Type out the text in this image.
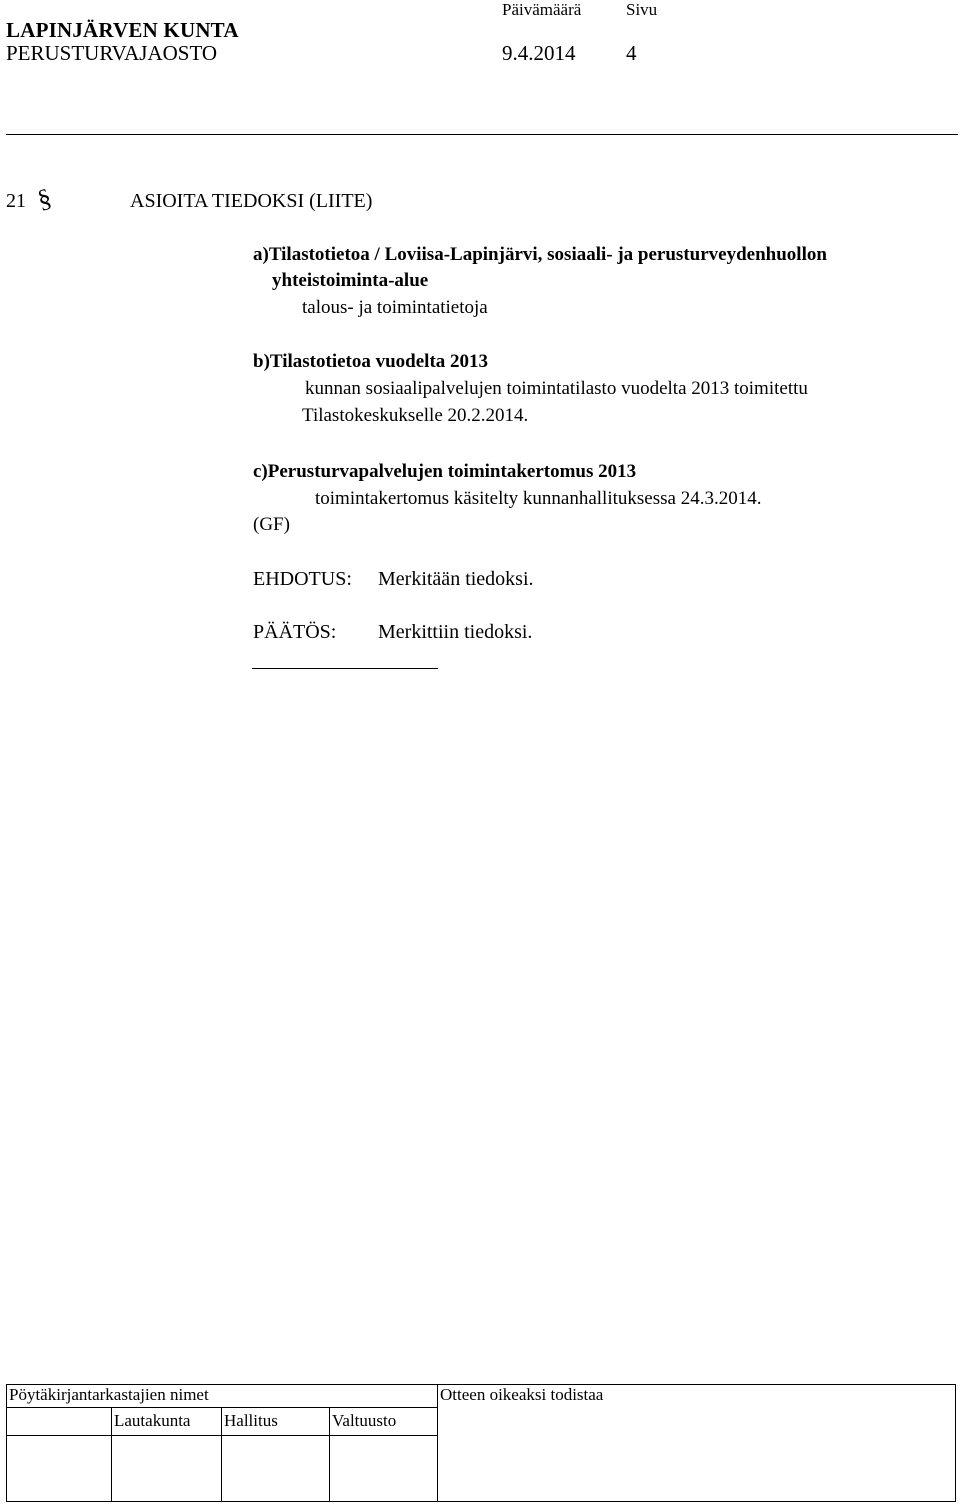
LAPINJÄRVEN KUNTA
PERUSTURVAJAOSTO
Päivämäärä
9.4.2014
Sivu
4
21 §	ASIOITA TIEDOKSI (LIITE)
a)Tilastotietoa / Loviisa-Lapinjärvi, sosiaali- ja perusturveydenhuollon
yhteistoiminta-alue
talous- ja toimintatietoja
b)Tilastotietoa vuodelta 2013
kunnan sosiaalipalvelujen toimintatilasto vuodelta 2013 toimitettu
Tilastokeskukselle 20.2.2014.
c)Perusturvapalvelujen toimintakertomus 2013
toimintakertomus käsitelty kunnanhallituksessa 24.3.2014.
(GF)
EHDOTUS: Merkitään tiedoksi.
PÄÄTÖS: Merkittiin tiedoksi.
Pöytäkirjantarkastajien nimet				Otteen oikeaksi todistaa
	Lautakunta	Hallitus	Valtuusto	
